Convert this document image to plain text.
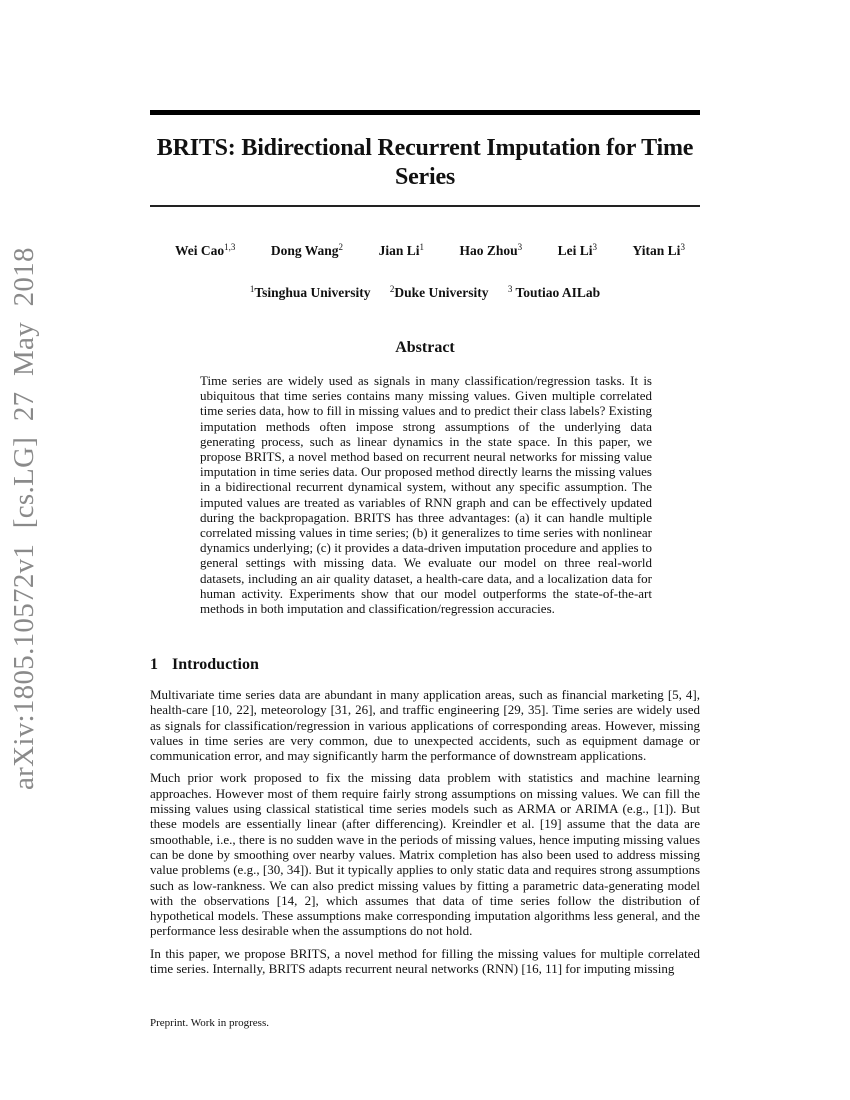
arXiv:1805.10572v1 [cs.LG] 27 May 2018
BRITS: Bidirectional Recurrent Imputation for Time Series
Wei Cao$^{1,3}$	Dong Wang$^2$	Jian Li$^1$	Hao Zhou$^3$	Lei Li$^3$	Yitan Li$^3$
$^1$Tsinghua University $^2$Duke University $^3$ Toutiao AILab
Abstract
Time series are widely used as signals in many classification/regression tasks. It is ubiquitous that time series contains many missing values. Given multiple correlated time series data, how to fill in missing values and to predict their class labels? Existing imputation methods often impose strong assumptions of the underlying data generating process, such as linear dynamics in the state space. In this paper, we propose BRITS, a novel method based on recurrent neural networks for missing value imputation in time series data. Our proposed method directly learns the missing values in a bidirectional recurrent dynamical system, without any specific assumption. The imputed values are treated as variables of RNN graph and can be effectively updated during the backpropagation. BRITS has three advantages: (a) it can handle multiple correlated missing values in time series; (b) it generalizes to time series with nonlinear dynamics underlying; (c) it provides a data-driven imputation procedure and applies to general settings with missing data. We evaluate our model on three real-world datasets, including an air quality dataset, a health-care data, and a localization data for human activity. Experiments show that our model outperforms the state-of-the-art methods in both imputation and classification/regression accuracies.
1 Introduction

Multivariate time series data are abundant in many application areas, such as financial marketing [5, 4], health-care [10, 22], meteorology [31, 26], and traffic engineering [29, 35]. Time series are widely used as signals for classification/regression in various applications of corresponding areas. However, missing values in time series are very common, due to unexpected accidents, such as equipment damage or communication error, and may significantly harm the performance of downstream applications.

Much prior work proposed to fix the missing data problem with statistics and machine learning approaches. However most of them require fairly strong assumptions on missing values. We can fill the missing values using classical statistical time series models such as ARMA or ARIMA (e.g., [1]). But these models are essentially linear (after differencing). Kreindler et al. [19] assume that the data are smoothable, i.e., there is no sudden wave in the periods of missing values, hence imputing missing values can be done by smoothing over nearby values. Matrix completion has also been used to address missing value problems (e.g., [30, 34]). But it typically applies to only static data and requires strong assumptions such as low-rankness. We can also predict missing values by fitting a parametric data-generating model with the observations [14, 2], which assumes that data of time series follow the distribution of hypothetical models. These assumptions make corresponding imputation algorithms less general, and the performance less desirable when the assumptions do not hold.

In this paper, we propose BRITS, a novel method for filling the missing values for multiple correlated time series. Internally, BRITS adapts recurrent neural networks (RNN) [16, 11] for imputing missing

Preprint. Work in progress.
